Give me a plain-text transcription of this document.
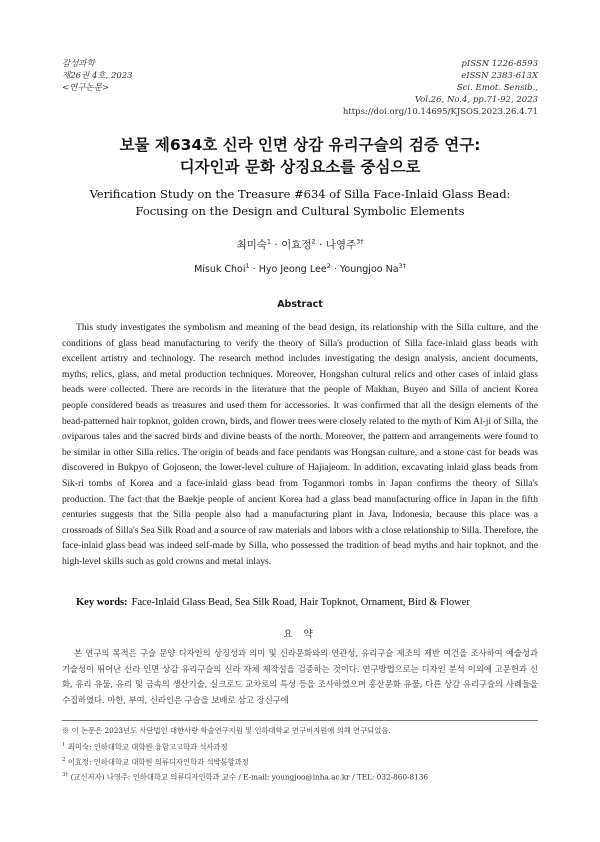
감성과학
제26권 4호, 2023
<연구논문>
pISSN 1226-8593
eISSN 2383-613X
Sci. Emot. Sensib.,
Vol.26, No.4, pp.71-92, 2023
https://doi.org/10.14695/KJSOS.2023.26.4.71
보물 제634호 신라 인면 상감 유리구슬의 검증 연구:
디자인과 문화 상징요소를 중심으로
Verification Study on the Treasure #634 of Silla Face-Inlaid Glass Bead:
Focusing on the Design and Cultural Symbolic Elements
최미숙$^1$ · 이효정$^2$ · 나영주$^{3\dagger}$
Misuk Choi$^1$ · Hyo Jeong Lee$^2$ · Youngjoo $Na^{3\dagger}$
Abstract

This study investigates the symbolism and meaning of the bead design, its relationship with the Silla culture, and the conditions of glass bead manufacturing to verify the theory of Silla's production of Silla face-inlaid glass beads with excellent artistry and technology. The research method includes investigating the design analysis, ancient documents, myths, relics, glass, and metal production techniques. Moreover, Hongshan cultural relics and other cases of inlaid glass beads were collected. There are records in the literature that the people of Makhan, Buyeo and Silla of ancient Korea people considered beads as treasures and used them for accessories. It was confirmed that all the design elements of the bead-patterned hair topknot, golden crown, birds, and flower trees were closely related to the myth of Kim Al-ji of Silla, the oviparous tales and the sacred birds and divine beasts of the north. Moreover, the pattern and arrangements were found to be similar in other Silla relics. The origin of beads and face pendants was Hongsan culture, and a stone cast for beads was discovered in Bukpyo of Gojoseon, the lower-level culture of Hajiajeom. In addition, excavating inlaid glass beads from Sik-ri tombs of Korea and a face-inlaid glass bead from Toganmori tombs in Japan confirms the theory of Silla's production. The fact that the Baekje people of ancient Korea had a glass bead manufacturing office in Japan in the fifth centuries suggests that the Silla people also had a manufacturing plant in Java, Indonesia, because this place was a crossroads of Silla's Sea Silk Road and a source of raw materials and labors with a close relationship to Silla. Therefore, the face-inlaid glass bead was indeed self-made by Silla, who possessed the tradition of bead myths and hair topknot, and the high-level skills such as gold crowns and metal inlays.

Key words: Face-Inlaid Glass Bead, Sea Silk Road, Hair Topknot, Ornament, Bird & Flower
요 약

본 연구의 목적은 구슬 문양 디자인의 상징성과 의미 및 신라문화와의 연관성, 유리구슬 제조의 제반 여건을 조사하여 예술성과 기술성이 뛰어난 신라 인면 상감 유리구슬의 신라 자체 제작설을 검증하는 것이다. 연구방법으로는 디자인 분석 이외에 고문헌과 신화, 유리 유물, 유리 및 금속의 생산기술, 실크로드 교차로의 특성 등을 조사하였으며 홍산문화 유물, 다른 상감 유리구슬의 사례들을 수집하였다. 마한, 부여, 신라인은 구슬을 보배로 삼고 장신구에

※ 이 논문은 2023년도 사단법인 대한사랑 학술연구지원 및 인하대학교 연구비지원에 의해 연구되었음.
$^1$ 최미숙: 인하대학교 대학원 융합고고학과 석사과정
$^2$ 이효정: 인하대학교 대학원 의류디자인학과 석박통합과정
$^{3\dagger}$ (교신저자) 나영주: 인하대학교 의류디자인학과 교수 / E-mail: youngjoo@inha.ac.kr / TEL: 032-860-8136
